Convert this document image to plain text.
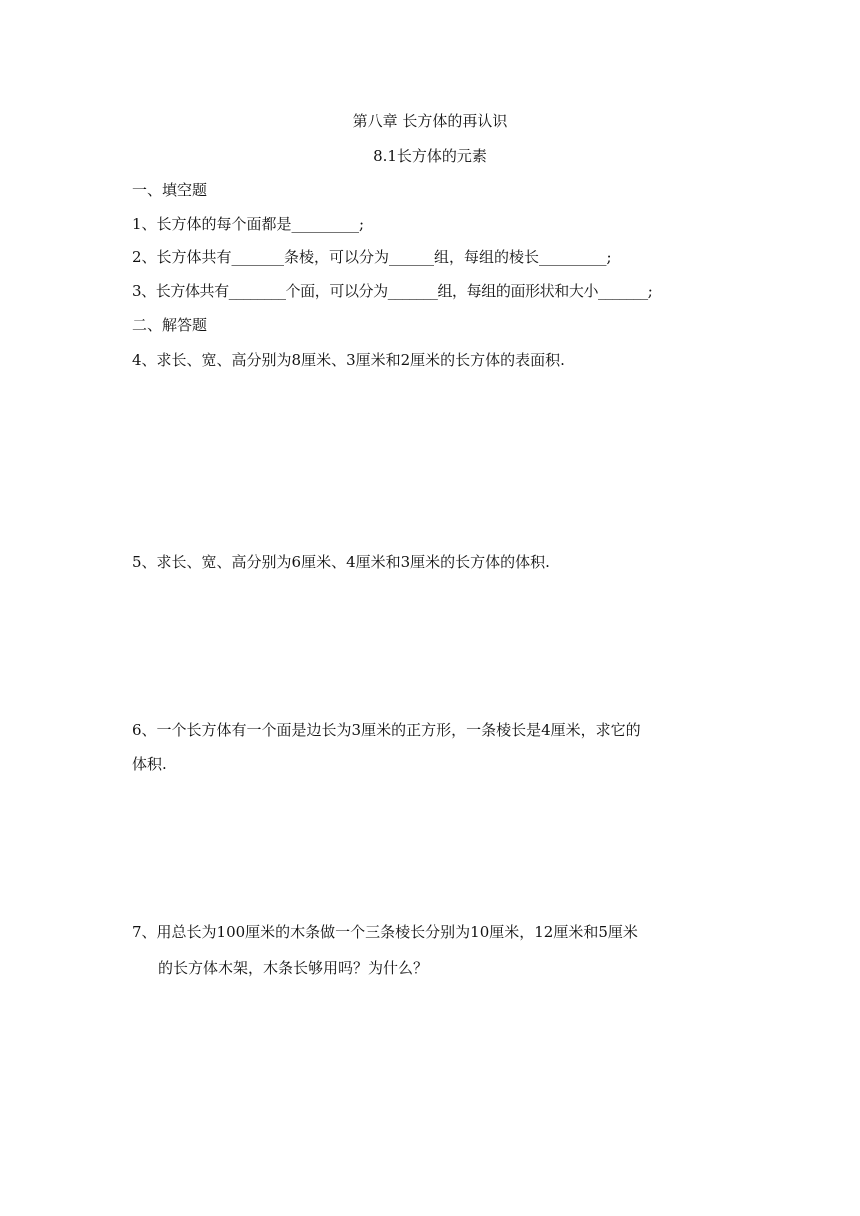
第八章 长方体的再认识
8.1长方体的元素
一、填空题
1、长方体的每个面都是_________;
2、长方体共有_______条棱，可以分为______组，每组的棱长_________;
3、长方体共有________个面，可以分为_______组，每组的面形状和大小_______;
二、解答题
4、求长、宽、高分别为8厘米、3厘米和2厘米的长方体的表面积.
5、求长、宽、高分别为6厘米、4厘米和3厘米的长方体的体积.
6、一个长方体有一个面是边长为3厘米的正方形，一条棱长是4厘米，求它的
体积.
7、用总长为100厘米的木条做一个三条棱长分别为10厘米，12厘米和5厘米
的长方体木架，木条长够用吗？为什么？
